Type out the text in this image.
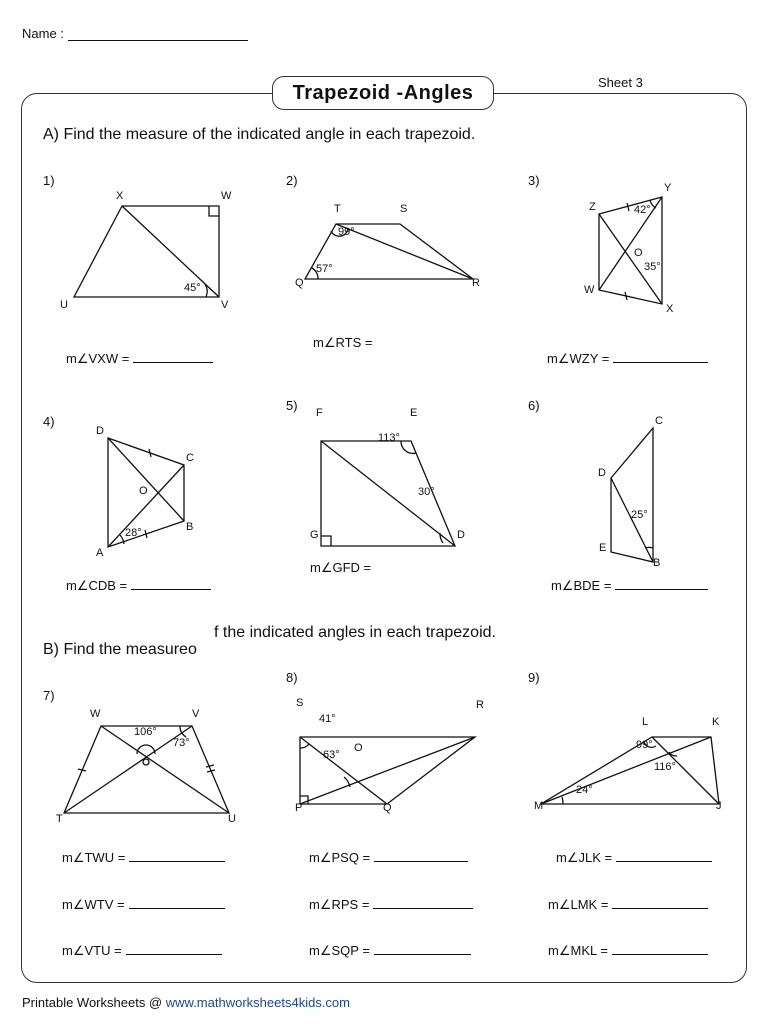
Name :
Sheet 3
Trapezoid -Angles
A) Find the measure of the indicated angle in each trapezoid.
B) Find the measureo
f the indicated angles in each trapezoid.
1)	2)	3)
4)
5)	6)
7)
8)	9)
m∠VXW =
m∠RTS =
m∠WZY =
m∠CDB =
m∠GFD =
m∠BDE =
m∠TWU =
m∠WTV =
m∠VTU =
m∠PSQ =
m∠RPS =
m∠SQP =
m∠JLK =
m∠LMK =
m∠MKL =
X	W
U	V
45°
T	S
Q	R
99°
57°
Z
Y
W
X
O
42°
35°
D
C
O
A
B
28°
F	E
G	D
113°
30°
C
D
E
B
25°
W	V
T	U
106°
73°
S	R
O
P	Q
41°
63°
L	K
M	J
99°
116°
24°
Printable Worksheets @ www.mathworksheets4kids.com
